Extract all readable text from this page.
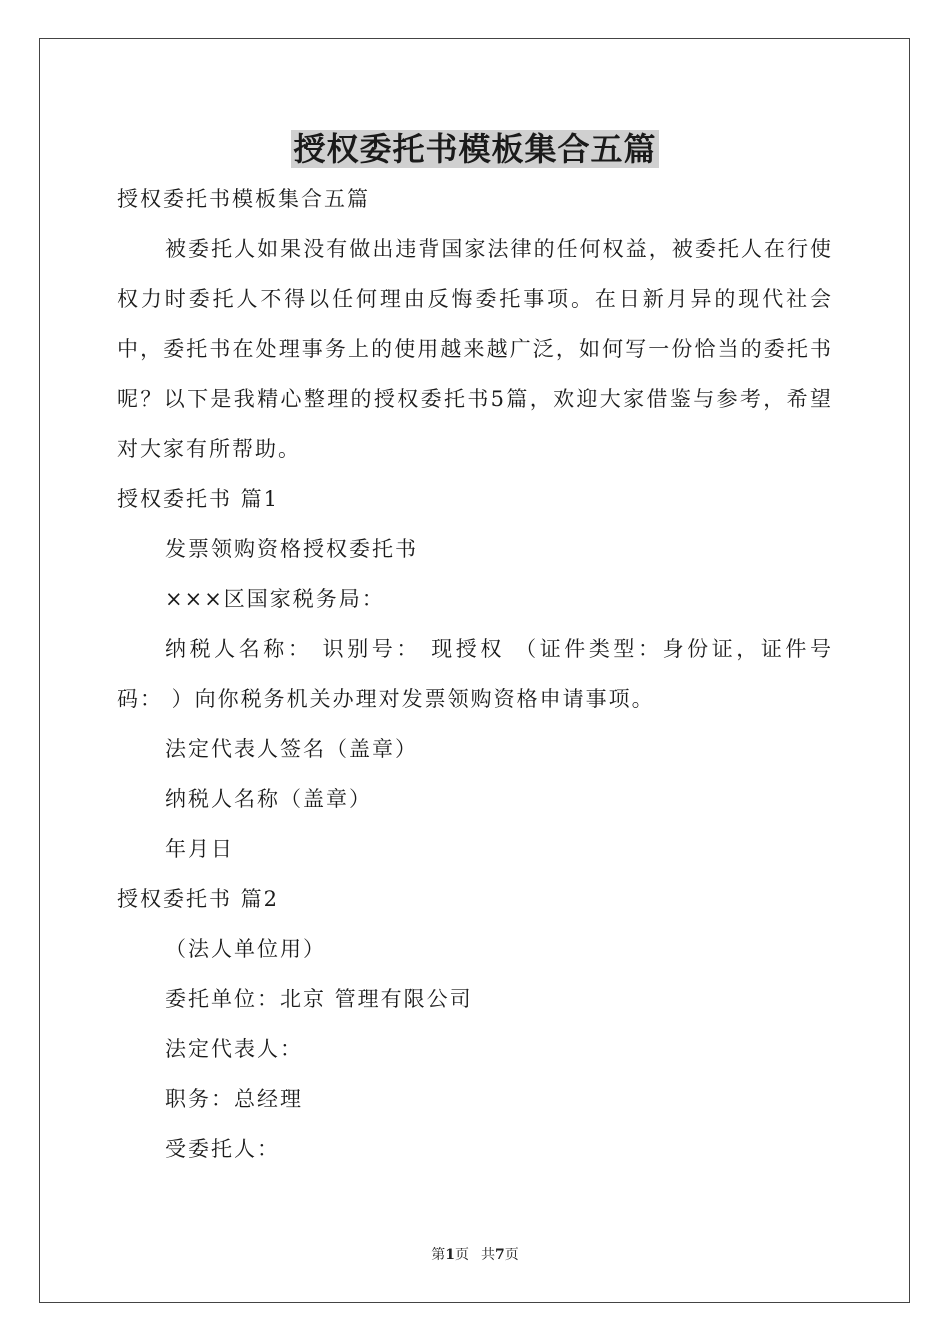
授权委托书模板集合五篇
授权委托书模板集合五篇
被委托人如果没有做出违背国家法律的任何权益，被委托人在行使权力时委托人不得以任何理由反悔委托事项。在日新月异的现代社会中，委托书在处理事务上的使用越来越广泛，如何写一份恰当的委托书呢？以下是我精心整理的授权委托书5篇，欢迎大家借鉴与参考，希望对大家有所帮助。
授权委托书 篇1
发票领购资格授权委托书
×××区国家税务局：
纳税人名称： 识别号： 现授权 （证件类型：身份证，证件号码： ）向你税务机关办理对发票领购资格申请事项。
法定代表人签名（盖章）
纳税人名称（盖章）
年月日
授权委托书 篇2
（法人单位用）
委托单位：北京 管理有限公司
法定代表人：
职务：总经理
受委托人：
第1页 共7页
